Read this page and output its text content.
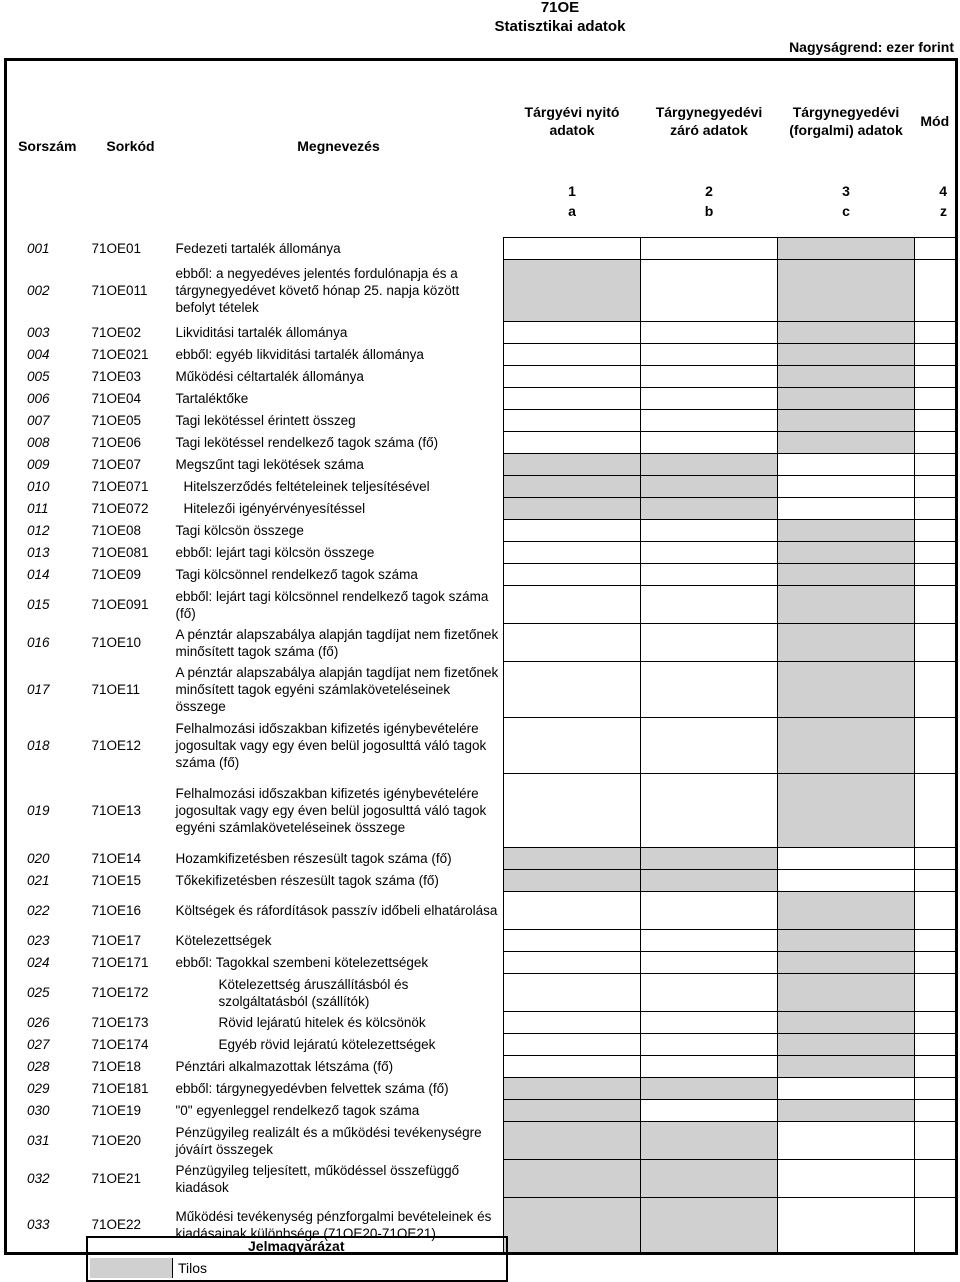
71OE
Statisztikai adatok
Nagyságrend: ezer forint
Sorszám	Sorkód	Megnevezés	Tárgyévi nyitó adatok	Tárgynegyedévi záró adatok	Tárgynegyedévi (forgalmi) adatok	Mód
			1	2	3	4
			a	b	c	z

001	71OE01	Fedezeti tartalék állománya				
002	71OE011	ebből: a negyedéves jelentés fordulónapja és a tárgynegyedévet követő hónap 25. napja között befolyt tételek				
003	71OE02	Likviditási tartalék állománya				
004	71OE021	ebből: egyéb likviditási tartalék állománya				
005	71OE03	Működési céltartalék állománya				
006	71OE04	Tartaléktőke				
007	71OE05	Tagi lekötéssel érintett összeg				
008	71OE06	Tagi lekötéssel rendelkező tagok száma (fő)				
009	71OE07	Megszűnt tagi lekötések száma				
010	71OE071	Hitelszerződés feltételeinek teljesítésével				
011	71OE072	Hitelezői igényérvényesítéssel				
012	71OE08	Tagi kölcsön összege				
013	71OE081	ebből: lejárt tagi kölcsön összege				
014	71OE09	Tagi kölcsönnel rendelkező tagok száma				
015	71OE091	ebből: lejárt tagi kölcsönnel rendelkező tagok száma (fő)				
016	71OE10	A pénztár alapszabálya alapján tagdíjat nem fizetőnek minősített tagok száma (fő)				
017	71OE11	A pénztár alapszabálya alapján tagdíjat nem fizetőnek minősített tagok egyéni számlaköveteléseinek összege				
018	71OE12	Felhalmozási időszakban kifizetés igénybevételére jogosultak vagy egy éven belül jogosulttá váló tagok száma (fő)				
019	71OE13	Felhalmozási időszakban kifizetés igénybevételére jogosultak vagy egy éven belül jogosulttá váló tagok egyéni számlaköveteléseinek összege				
020	71OE14	Hozamkifizetésben részesült tagok száma (fő)				
021	71OE15	Tőkekifizetésben részesült tagok száma (fő)				
022	71OE16	Költségek és ráfordítások passzív időbeli elhatárolása				
023	71OE17	Kötelezettségek				
024	71OE171	ebből: Tagokkal szembeni kötelezettségek				
025	71OE172	Kötelezettség áruszállításból és szolgáltatásból (szállítók)				
026	71OE173	Rövid lejáratú hitelek és kölcsönök				
027	71OE174	Egyéb rövid lejáratú kötelezettségek				
028	71OE18	Pénztári alkalmazottak létszáma (fő)				
029	71OE181	ebből: tárgynegyedévben felvettek száma (fő)				
030	71OE19	"0" egyenleggel rendelkező tagok száma				
031	71OE20	Pénzügyileg realizált és a működési tevékenységre jóváírt összegek				
032	71OE21	Pénzügyileg teljesített, működéssel összefüggő kiadások				
033	71OE22	Működési tevékenység pénzforgalmi bevételeinek és kiadásainak különbsége (71OE20-71OE21)				
Jelmagyarázat
Tilos
